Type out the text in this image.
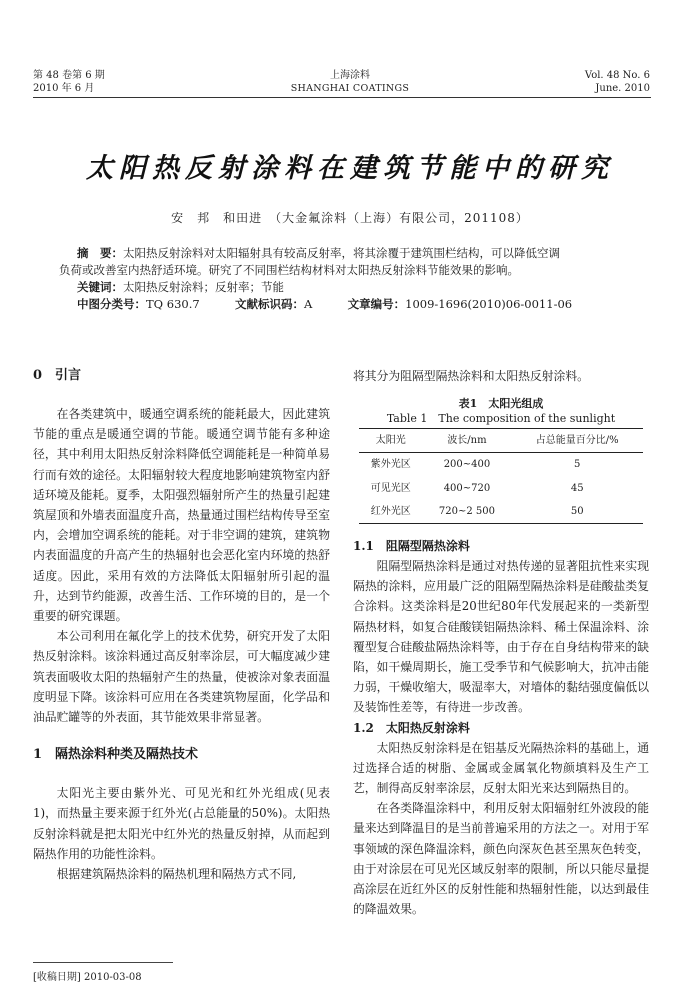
第 48 卷第 6 期
2010 年 6 月
上海涂料
SHANGHAI COATINGS
Vol. 48 No. 6
June. 2010
太阳热反射涂料在建筑节能中的研究
安　邦　和田进　（大金氟涂料（上海）有限公司，201108）
摘　要：太阳热反射涂料对太阳辐射具有较高反射率，将其涂覆于建筑围栏结构，可以降低空调
负荷或改善室内热舒适环境。研究了不同围栏结构材料对太阳热反射涂料节能效果的影响。
关键词：太阳热反射涂料；反射率；节能
中图分类号：TQ 630.7	文献标识码：A	文章编号：1009-1696(2010)06-0011-06
0　引言

在各类建筑中，暖通空调系统的能耗最大，因此建筑节能的重点是暖通空调的节能。暖通空调节能有多种途径，其中利用太阳热反射涂料降低空调能耗是一种简单易行而有效的途径。太阳辐射较大程度地影响建筑物室内舒适环境及能耗。夏季，太阳强烈辐射所产生的热量引起建筑屋顶和外墙表面温度升高，热量通过围栏结构传导至室内，会增加空调系统的能耗。对于非空调的建筑，建筑物内表面温度的升高产生的热辐射也会恶化室内环境的热舒适度。因此，采用有效的方法降低太阳辐射所引起的温升，达到节约能源，改善生活、工作环境的目的，是一个重要的研究课题。

本公司利用在氟化学上的技术优势，研究开发了太阳热反射涂料。该涂料通过高反射率涂层，可大幅度减少建筑表面吸收太阳的热辐射产生的热量，使被涂对象表面温度明显下降。该涂料可应用在各类建筑物屋面，化学品和油品贮罐等的外表面，其节能效果非常显著。

1　隔热涂料种类及隔热技术

太阳光主要由紫外光、可见光和红外光组成(见表1)，而热量主要来源于红外光(占总能量的50%)。太阳热反射涂料就是把太阳光中红外光的热量反射掉，从而起到隔热作用的功能性涂料。

根据建筑隔热涂料的隔热机理和隔热方式不同,

[收稿日期] 2010-03-08
将其分为阻隔型隔热涂料和太阳热反射涂料。
表1　太阳光组成
Table 1　The composition of the sunlight
太阳光	波长/nm	占总能量百分比/%
紫外光区	200~400	5
可见光区	400~720	45
红外光区	720~2 500	50
1.1　阻隔型隔热涂料

阻隔型隔热涂料是通过对热传递的显著阻抗性来实现隔热的涂料，应用最广泛的阻隔型隔热涂料是硅酸盐类复合涂料。这类涂料是20世纪80年代发展起来的一类新型隔热材料，如复合硅酸镁铝隔热涂料、稀土保温涂料、涂覆型复合硅酸盐隔热涂料等，由于存在自身结构带来的缺陷，如干燥周期长，施工受季节和气候影响大，抗冲击能力弱，干燥收缩大，吸湿率大，对墙体的黏结强度偏低以及装饰性差等，有待进一步改善。

1.2　太阳热反射涂料

太阳热反射涂料是在铝基反光隔热涂料的基础上，通过选择合适的树脂、金属或金属氧化物颜填料及生产工艺，制得高反射率涂层，反射太阳光来达到隔热目的。

在各类降温涂料中，利用反射太阳辐射红外波段的能量来达到降温目的是当前普遍采用的方法之一。对用于军事领域的深色降温涂料，颜色向深灰色甚至黑灰色转变，由于对涂层在可见光区域反射率的限制，所以只能尽量提高涂层在近红外区的反射性能和热辐射性能，以达到最佳的降温效果。
